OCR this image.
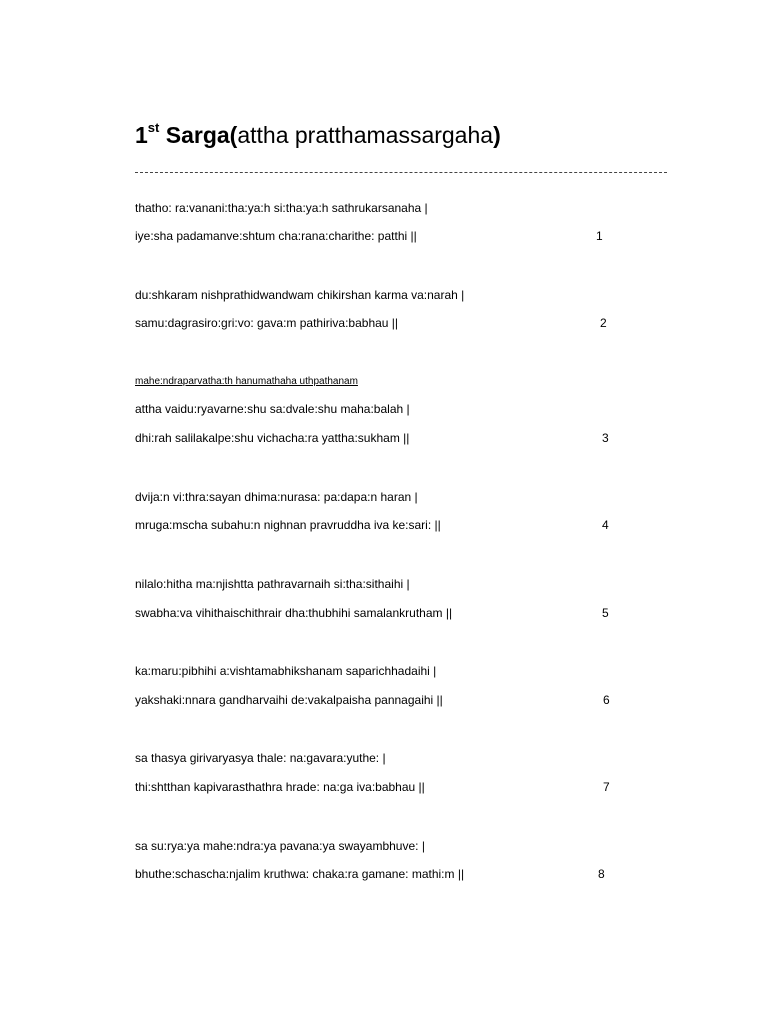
1st Sarga(attha pratthamassargaha)
thatho: ra:vanani:tha:ya:h si:tha:ya:h sathrukarsanaha |
iye:sha padamanve:shtum cha:rana:charithe: patthi ||	1
du:shkaram nishprathidwandwam chikirshan karma va:narah |
samu:dagrasiro:gri:vo: gava:m pathiriva:babhau ||	2
mahe:ndraparvatha:th hanumathaha uthpathanam
attha vaidu:ryavarne:shu sa:dvale:shu maha:balah |
dhi:rah salilakalpe:shu vichacha:ra yattha:sukham ||	3
dvija:n vi:thra:sayan dhima:nurasa: pa:dapa:n haran |
mruga:mscha subahu:n nighnan pravruddha iva ke:sari: ||	4
nilalo:hitha ma:njishtta pathravarnaih si:tha:sithaihi |
swabha:va vihithaischithrair dha:thubhihi samalankrutham ||	5
ka:maru:pibhihi a:vishtamabhikshanam saparichhadaihi |
yakshaki:nnara gandharvaihi de:vakalpaisha pannagaihi ||	6
sa thasya girivaryasya thale: na:gavara:yuthe: |
thi:shtthan kapivarasthathra hrade: na:ga iva:babhau ||	7
sa su:rya:ya mahe:ndra:ya pavana:ya swayambhuve: |
bhuthe:schascha:njalim kruthwa: chaka:ra gamane: mathi:m ||	8
